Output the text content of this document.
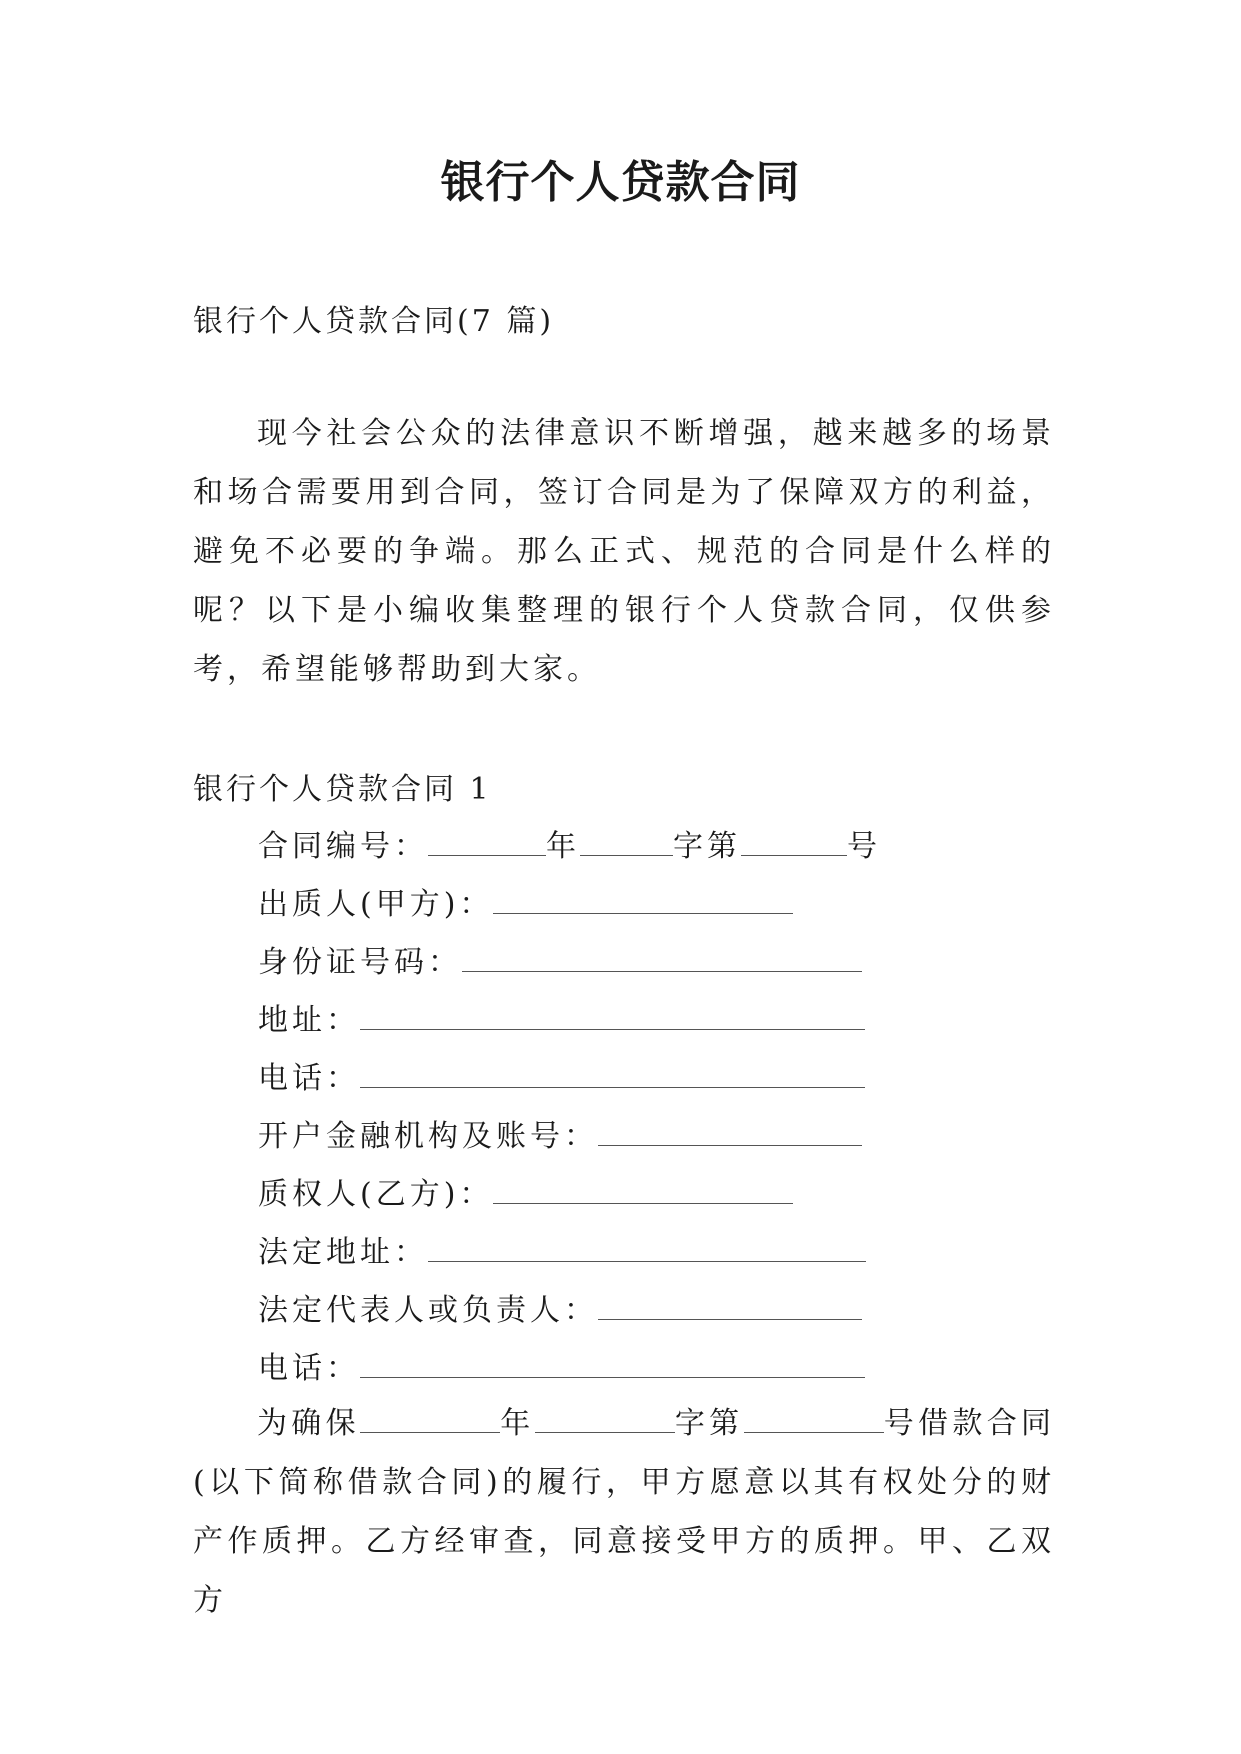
银行个人贷款合同
银行个人贷款合同(7 篇)
现今社会公众的法律意识不断增强，越来越多的场景和场合需要用到合同，签订合同是为了保障双方的利益，避免不必要的争端。那么正式、规范的合同是什么样的呢？以下是小编收集整理的银行个人贷款合同，仅供参考，希望能够帮助到大家。
银行个人贷款合同 1
合同编号：	年	字第	号
出质人(甲方)：
身份证号码：
地址：
电话：
开户金融机构及账号：
质权人(乙方)：
法定地址：
法定代表人或负责人：
电话：
为确保	年	字第	号借款合同(以下简称借款合同)的履行，甲方愿意以其有权处分的财产作质押。乙方经审查，同意接受甲方的质押。甲、乙双方
